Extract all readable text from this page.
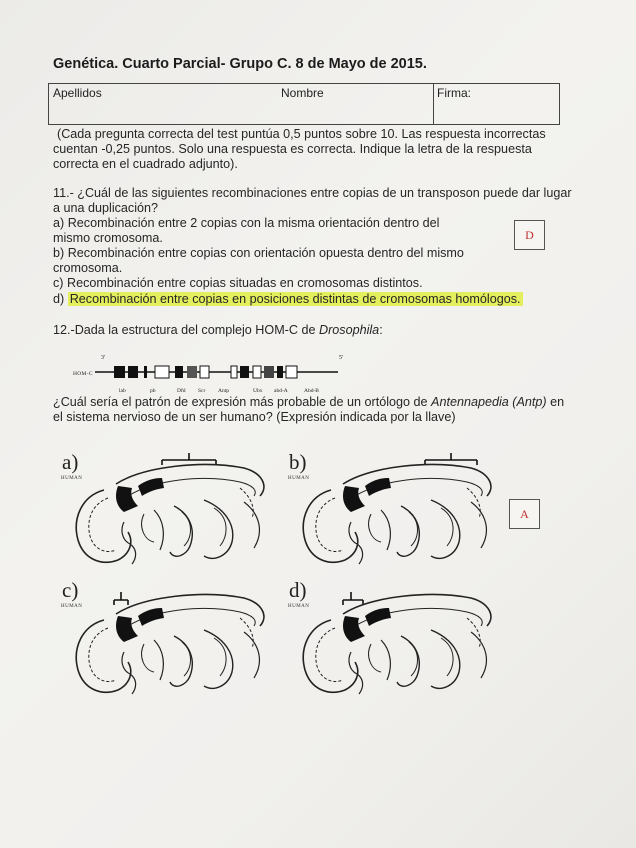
Genética. Cuarto Parcial- Grupo C. 8 de Mayo de 2015.
Apellidos	Nombre	Firma:
(Cada pregunta correcta del test puntúa 0,5 puntos sobre 10. Las respuesta incorrectas cuentan -0,25 puntos. Solo una respuesta es correcta. Indique la letra de la respuesta correcta en el cuadrado adjunto).
11.- ¿Cuál de las siguientes recombinaciones entre copias de un transposon puede dar lugar a una duplicación?
a) Recombinación entre 2 copias con la misma orientación dentro del mismo cromosoma.
b) Recombinación entre copias con orientación opuesta dentro del mismo cromosoma.
c) Recombinación entre copias situadas en cromosomas distintos.
d) Recombinación entre copias en posiciones distintas de cromosomas homólogos.
D
12.-Dada la estructura del complejo HOM-C de Drosophila:
3'	5'
HOM-C
lab	pb	Dfd Scr Antp	Ubx abd-A	Abd-B
¿Cuál sería el patrón de expresión más probable de un ortólogo de Antennapedia (Antp) en el sistema nervioso de un ser humano? (Expresión indicada por la llave)
a)
HUMAN
b)
HUMAN
c)
HUMAN
d)
HUMAN
A
